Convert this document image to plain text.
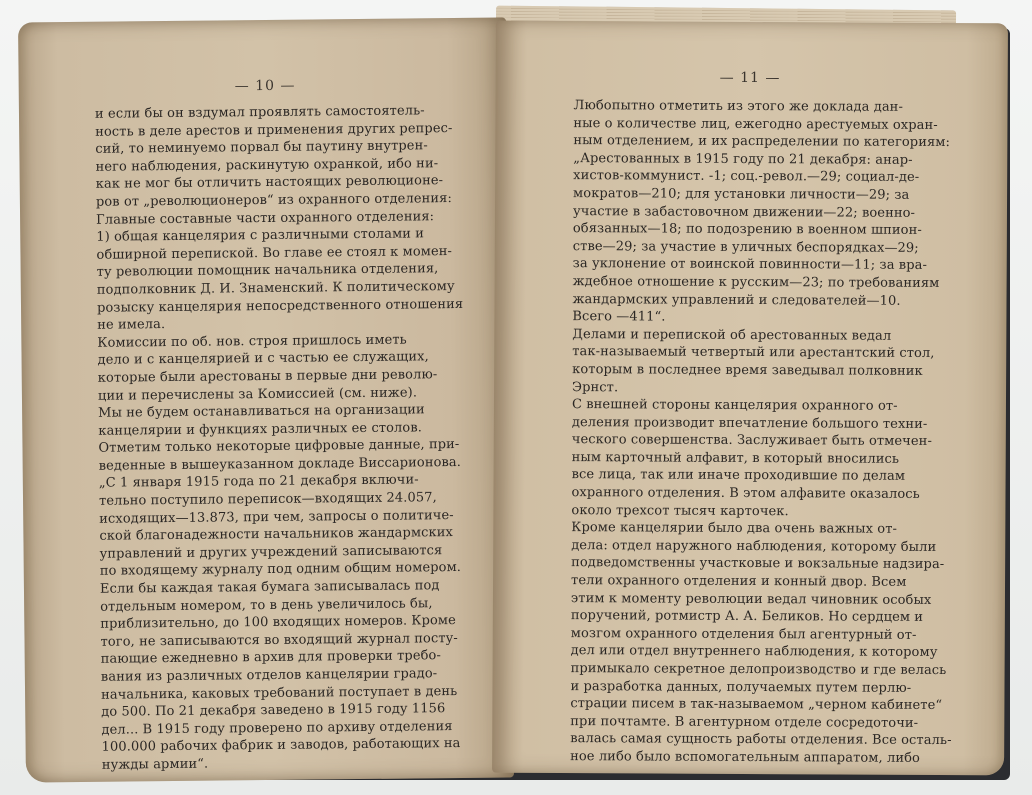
— 10 —
и если бы он вздумал проявлять самостоятель-
ность в деле арестов и применения других репрес-
сий, то неминуемо порвал бы паутину внутрен-
него наблюдения, раскинутую охранкой, ибо ни-
как не мог бы отличить настоящих революционе-
ров от „революционеров“ из охранного отделения:
Главные составные части охранного отделения:
1) общая канцелярия с различными столами и
обширной перепиской. Во главе ее стоял к момен-
ту революции помощник начальника отделения,
подполковник Д. И. Знаменский. К политическому
розыску канцелярия непосредственного отношения
не имела.
Комиссии по об. нов. строя пришлось иметь
дело и с канцелярией и с частью ее служащих,
которые были арестованы в первые дни револю-
ции и перечислены за Комиссией (см. ниже).
Мы не будем останавливаться на организации
канцелярии и функциях различных ее столов.
Отметим только некоторые цифровые данные, при-
веденные в вышеуказанном докладе Виссарионова.
„С 1 января 1915 года по 21 декабря включи-
тельно поступило переписок—входящих 24.057,
исходящих—13.873, при чем, запросы о политиче-
ской благонадежности начальников жандармских
управлений и других учреждений записываются
по входящему журналу под одним общим номером.
Если бы каждая такая бумага записывалась под
отдельным номером, то в день увеличилось бы,
приблизительно, до 100 входящих номеров. Кроме
того, не записываются во входящий журнал посту-
пающие ежедневно в архив для проверки требо-
вания из различных отделов канцелярии градо-
начальника, каковых требований поступает в день
до 500. По 21 декабря заведено в 1915 году 1156
дел... В 1915 году проверено по архиву отделения
100.000 рабочих фабрик и заводов, работающих на
нужды армии“.
— 11 —
Любопытно отметить из этого же доклада дан-
ные о количестве лиц, ежегодно арестуемых охран-
ным отделением, и их распределении по категориям:
„Арестованных в 1915 году по 21 декабря: анар-
хистов-коммунист. -1; соц.-револ.—29; социал-де-
мократов—210; для установки личности—29; за
участие в забастовочном движении—22; военно-
обязанных—18; по подозрению в военном шпион-
стве—29; за участие в уличных беспорядках—29;
за уклонение от воинской повинности—11; за вра-
ждебное отношение к русским—23; по требованиям
жандармских управлений и следователей—10.
Всего —411“.
Делами и перепиской об арестованных ведал
так-называемый четвертый или арестантский стол,
которым в последнее время заведывал полковник
Эрнст.
С внешней стороны канцелярия охранного от-
деления производит впечатление большого техни-
ческого совершенства. Заслуживает быть отмечен-
ным карточный алфавит, в который вносились
все лица, так или иначе проходившие по делам
охранного отделения. В этом алфавите оказалось
около трехсот тысяч карточек.
Кроме канцелярии было два очень важных от-
дела: отдел наружного наблюдения, которому были
подведомственны участковые и вокзальные надзира-
тели охранного отделения и конный двор. Всем
этим к моменту революции ведал чиновник особых
поручений, ротмистр А. А. Беликов. Но сердцем и
мозгом охранного отделения был агентурный от-
дел или отдел внутреннего наблюдения, к которому
примыкало секретное делопроизводство и где велась
и разработка данных, получаемых путем перлю-
страции писем в так-называемом „черном кабинете“
при почтамте. В агентурном отделе сосредоточи-
валась самая сущность работы отделения. Все осталь-
ное либо было вспомогательным аппаратом, либо
